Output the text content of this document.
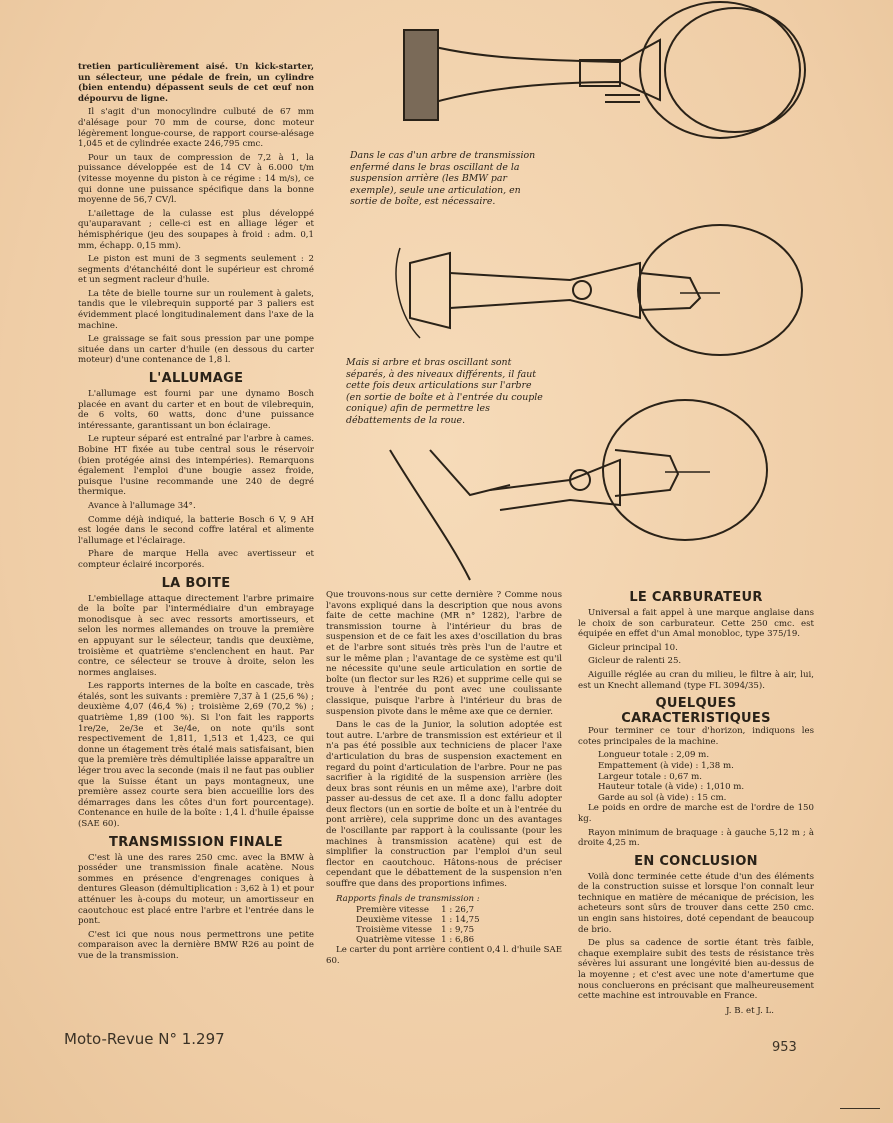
tretien particulièrement aisé. Un kick-starter, un sélecteur, une pédale de frein, un cylindre (bien entendu) dépassent seuls de cet œuf non dépourvu de ligne.

Il s'agit d'un monocylindre culbuté de 67 mm d'alésage pour 70 mm de course, donc moteur légèrement longue-course, de rapport course-alésage 1,045 et de cylindrée exacte 246,795 cmc.

Pour un taux de compression de 7,2 à 1, la puissance développée est de 14 CV à 6.000 t/m (vitesse moyenne du piston à ce régime : 14 m/s), ce qui donne une puissance spécifique dans la bonne moyenne de 56,7 CV/l.

L'ailettage de la culasse est plus développé qu'auparavant ; celle-ci est en alliage léger et hémisphérique (jeu des soupapes à froid : adm. 0,1 mm, échapp. 0,15 mm).

Le piston est muni de 3 segments seulement : 2 segments d'étanchéité dont le supérieur est chromé et un segment racleur d'huile.

La tête de bielle tourne sur un roulement à galets, tandis que le vilebrequin supporté par 3 paliers est évidemment placé longitudinalement dans l'axe de la machine.

Le graissage se fait sous pression par une pompe située dans un carter d'huile (en dessous du carter moteur) d'une contenance de 1,8 l.

L'ALLUMAGE

L'allumage est fourni par une dynamo Bosch placée en avant du carter et en bout de vilebrequin, de 6 volts, 60 watts, donc d'une puissance intéressante, garantissant un bon éclairage.

Le rupteur séparé est entraîné par l'arbre à cames. Bobine HT fixée au tube central sous le réservoir (bien protégée ainsi des intempéries). Remarquons également l'emploi d'une bougie assez froide, puisque l'usine recommande une 240 de degré thermique.

Avance à l'allumage 34°.

Comme déjà indiqué, la batterie Bosch 6 V, 9 AH est logée dans le second coffre latéral et alimente l'allumage et l'éclairage.

Phare de marque Hella avec avertisseur et compteur éclairé incorporés.

LA BOITE

L'embiellage attaque directement l'arbre primaire de la boîte par l'intermédiaire d'un embrayage monodisque à sec avec ressorts amortisseurs, et selon les normes allemandes on trouve la première en appuyant sur le sélecteur, tandis que deuxième, troisième et quatrième s'enclenchent en haut. Par contre, ce sélecteur se trouve à droite, selon les normes anglaises.

Les rapports internes de la boîte en cascade, très étalés, sont les suivants : première 7,37 à 1 (25,6 %) ; deuxième 4,07 (46,4 %) ; troisième 2,69 (70,2 %) ; quatrième 1,89 (100 %). Si l'on fait les rapports 1re/2e, 2e/3e et 3e/4e, on note qu'ils sont respectivement de 1,811, 1,513 et 1,423, ce qui donne un étagement très étalé mais satisfaisant, bien que la première très démultipliée laisse apparaître un léger trou avec la seconde (mais il ne faut pas oublier que la Suisse étant un pays montagneux, une première assez courte sera bien accueillie lors des démarrages dans les côtes d'un fort pourcentage). Contenance en huile de la boîte : 1,4 l. d'huile épaisse (SAE 60).

TRANSMISSION FINALE

C'est là une des rares 250 cmc. avec la BMW à posséder une transmission finale acatène. Nous sommes en présence d'engrenages coniques à dentures Gleason (démultiplication : 3,62 à 1) et pour atténuer les à-coups du moteur, un amortisseur en caoutchouc est placé entre l'arbre et l'entrée dans le pont.

C'est ici que nous nous permettrons une petite comparaison avec la dernière BMW R26 au point de vue de la transmission.

Dans le cas d'un arbre de transmission enfermé dans le bras oscillant de la suspension arrière (les BMW par exemple), seule une articulation, en sortie de boîte, est nécessaire.
Mais si arbre et bras oscillant sont séparés, à des niveaux différents, il faut cette fois deux articulations sur l'arbre (en sortie de boîte et à l'entrée du couple conique) afin de permettre les débattements de la roue.

Que trouvons-nous sur cette dernière ? Comme nous l'avons expliqué dans la description que nous avons faite de cette machine (MR n° 1282), l'arbre de transmission tourne à l'intérieur du bras de suspension et de ce fait les axes d'oscillation du bras et de l'arbre sont situés très près l'un de l'autre et sur le même plan ; l'avantage de ce système est qu'il ne nécessite qu'une seule articulation en sortie de boîte (un flector sur les R26) et supprime celle qui se trouve à l'entrée du pont avec une coulissante classique, puisque l'arbre à l'intérieur du bras de suspension pivote dans le même axe que ce dernier.

Dans le cas de la Junior, la solution adoptée est tout autre. L'arbre de transmission est extérieur et il n'a pas été possible aux techniciens de placer l'axe d'articulation du bras de suspension exactement en regard du point d'articulation de l'arbre. Pour ne pas sacrifier à la rigidité de la suspension arrière (les deux bras sont réunis en un même axe), l'arbre doit passer au-dessus de cet axe. Il a donc fallu adopter deux flectors (un en sortie de boîte et un à l'entrée du pont arrière), cela supprime donc un des avantages de l'oscillante par rapport à la coulissante (pour les machines à transmission acatène) qui est de simplifier la construction par l'emploi d'un seul flector en caoutchouc. Hâtons-nous de préciser cependant que le débattement de la suspension n'en souffre que dans des proportions infimes.

Rapports finals de transmission :
Première vitesse	1 : 26,7
Deuxième vitesse	1 : 14,75
Troisième vitesse	1 : 9,75
Quatrième vitesse	1 : 6,86

Le carter du pont arrière contient 0,4 l. d'huile SAE 60.

LE CARBURATEUR

Universal a fait appel à une marque anglaise dans le choix de son carburateur. Cette 250 cmc. est équipée en effet d'un Amal monobloc, type 375/19.

Gicleur principal 10.

Gicleur de ralenti 25.

Aiguille réglée au cran du milieu, le filtre à air, lui, est un Knecht allemand (type FL 3094/35).

QUELQUES
CARACTERISTIQUES

Pour terminer ce tour d'horizon, indiquons les cotes principales de la machine.

Longueur totale : 2,09 m.

Empattement (à vide) : 1,38 m.

Largeur totale : 0,67 m.

Hauteur totale (à vide) : 1,010 m.

Garde au sol (à vide) : 15 cm.

Le poids en ordre de marche est de l'ordre de 150 kg.

Rayon minimum de braquage : à gauche 5,12 m ; à droite 4,25 m.

EN CONCLUSION

Voilà donc terminée cette étude d'un des éléments de la construction suisse et lorsque l'on connaît leur technique en matière de mécanique de précision, les acheteurs sont sûrs de trouver dans cette 250 cmc. un engin sans histoires, doté cependant de beaucoup de brio.

De plus sa cadence de sortie étant très faible, chaque exemplaire subit des tests de résistance très sévères lui assurant une longévité bien au-dessus de la moyenne ; et c'est avec une note d'amertume que nous concluerons en précisant que malheureusement cette machine est introuvable en France.

J. B. et J. L.
Moto-Revue N° 1.297	953
